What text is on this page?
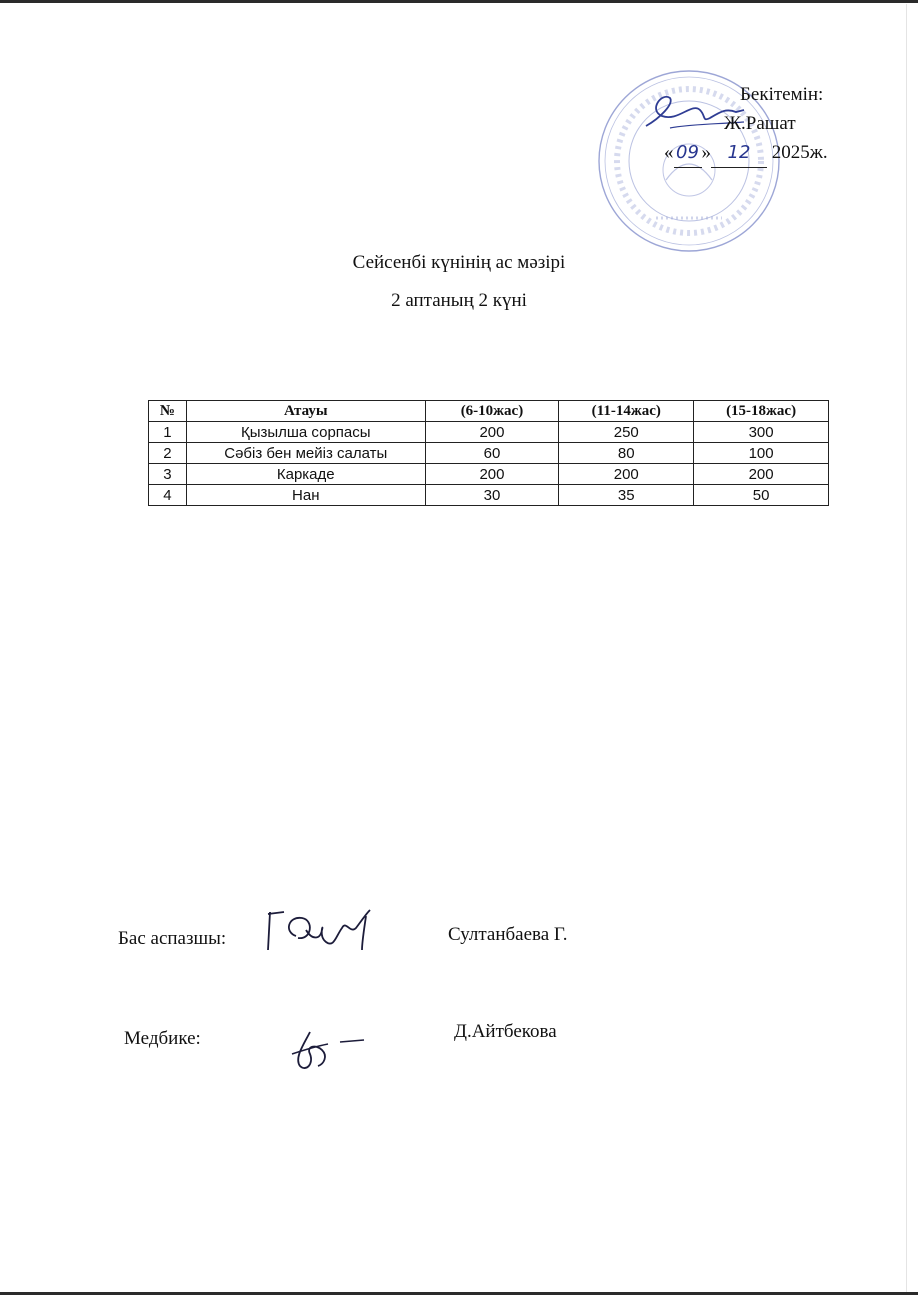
Бекітемін:
Ж.Рашат
« 09 » 12 2025ж.
Сейсенбі күнінің ас мәзірі
2 аптаның 2 күні
№	Атауы	(6-10жас)	(11-14жас)	(15-18жас)
1	Қызылша сорпасы	200	250	300
2	Сәбіз бен мейіз салаты	60	80	100
3	Каркаде	200	200	200
4	Нан	30	35	50
Бас аспазшы:	Султанбаева Г.
Медбике:	Д.Айтбекова
